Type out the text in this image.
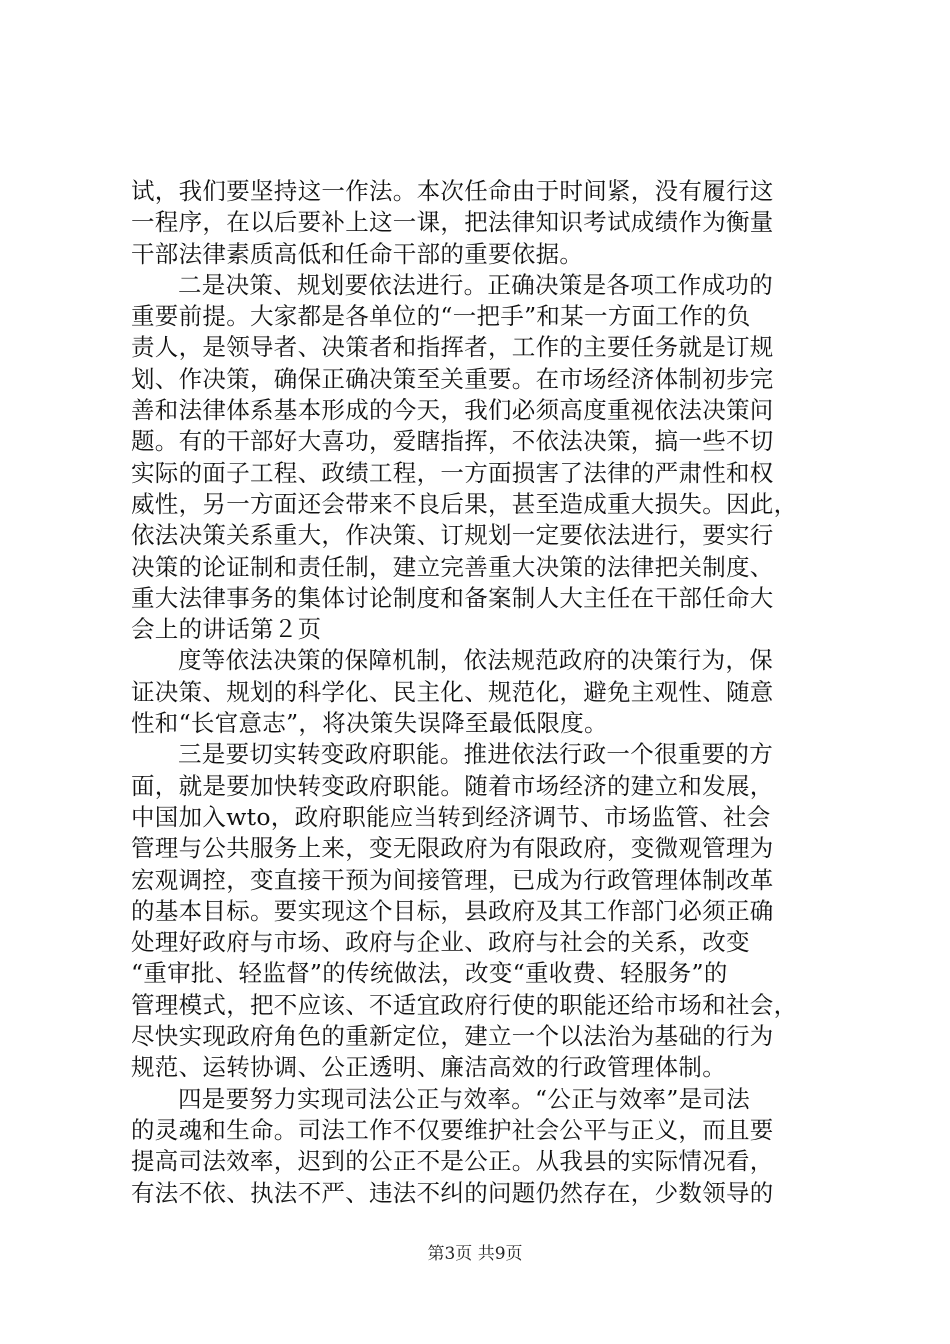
试，我们要坚持这一作法。本次任命由于时间紧，没有履行这
一程序，在以后要补上这一课，把法律知识考试成绩作为衡量
干部法律素质高低和任命干部的重要依据。
二是决策、规划要依法进行。正确决策是各项工作成功的
重要前提。大家都是各单位的“一把手”和某一方面工作的负
责人，是领导者、决策者和指挥者，工作的主要任务就是订规
划、作决策，确保正确决策至关重要。在市场经济体制初步完
善和法律体系基本形成的今天，我们必须高度重视依法决策问
题。有的干部好大喜功，爱瞎指挥，不依法决策，搞一些不切
实际的面子工程、政绩工程，一方面损害了法律的严肃性和权
威性，另一方面还会带来不良后果，甚至造成重大损失。因此，
依法决策关系重大，作决策、订规划一定要依法进行，要实行
决策的论证制和责任制，建立完善重大决策的法律把关制度、
重大法律事务的集体讨论制度和备案制人大主任在干部任命大
会上的讲话第２页
度等依法决策的保障机制，依法规范政府的决策行为，保
证决策、规划的科学化、民主化、规范化，避免主观性、随意
性和“长官意志”，将决策失误降至最低限度。
三是要切实转变政府职能。推进依法行政一个很重要的方
面，就是要加快转变政府职能。随着市场经济的建立和发展，
中国加入wto，政府职能应当转到经济调节、市场监管、社会
管理与公共服务上来，变无限政府为有限政府，变微观管理为
宏观调控，变直接干预为间接管理，已成为行政管理体制改革
的基本目标。要实现这个目标，县政府及其工作部门必须正确
处理好政府与市场、政府与企业、政府与社会的关系，改变
“重审批、轻监督”的传统做法，改变“重收费、轻服务”的
管理模式，把不应该、不适宜政府行使的职能还给市场和社会，
尽快实现政府角色的重新定位，建立一个以法治为基础的行为
规范、运转协调、公正透明、廉洁高效的行政管理体制。
四是要努力实现司法公正与效率。“公正与效率”是司法
的灵魂和生命。司法工作不仅要维护社会公平与正义，而且要
提高司法效率，迟到的公正不是公正。从我县的实际情况看，
有法不依、执法不严、违法不纠的问题仍然存在，少数领导的
第3页 共9页
